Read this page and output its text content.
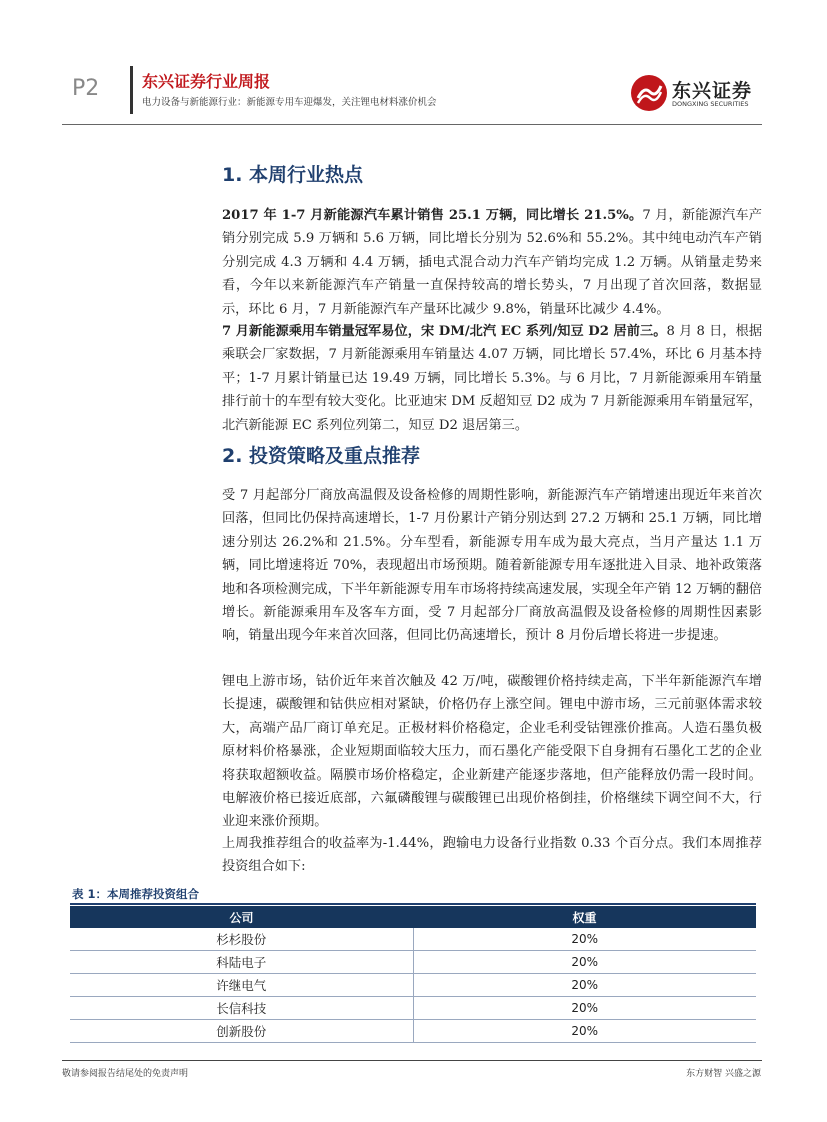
P2	东兴证券行业周报
电力设备与新能源行业：新能源专用车迎爆发，关注锂电材料涨价机会
东兴证券
DONGXING SECURITIES
1. 本周行业热点

2017 年 1-7 月新能源汽车累计销售 25.1 万辆，同比增长 21.5%。7 月，新能源汽车产销分别完成 5.9 万辆和 5.6 万辆，同比增长分别为 52.6%和 55.2%。其中纯电动汽车产销分别完成 4.3 万辆和 4.4 万辆，插电式混合动力汽车产销均完成 1.2 万辆。从销量走势来看，今年以来新能源汽车产销量一直保持较高的增长势头，7 月出现了首次回落，数据显示，环比 6 月，7 月新能源汽车产量环比减少 9.8%，销量环比减少 4.4%。

7 月新能源乘用车销量冠军易位，宋 DM/北汽 EC 系列/知豆 D2 居前三。8 月 8 日，根据乘联会厂家数据，7 月新能源乘用车销量达 4.07 万辆，同比增长 57.4%，环比 6 月基本持平；1-7 月累计销量已达 19.49 万辆，同比增长 5.3%。与 6 月比，7 月新能源乘用车销量排行前十的车型有较大变化。比亚迪宋 DM 反超知豆 D2 成为 7 月新能源乘用车销量冠军，北汽新能源 EC 系列位列第二，知豆 D2 退居第三。

2. 投资策略及重点推荐

受 7 月起部分厂商放高温假及设备检修的周期性影响，新能源汽车产销增速出现近年来首次回落，但同比仍保持高速增长，1-7 月份累计产销分别达到 27.2 万辆和 25.1 万辆，同比增速分别达 26.2%和 21.5%。分车型看，新能源专用车成为最大亮点，当月产量达 1.1 万辆，同比增速将近 70%，表现超出市场预期。随着新能源专用车逐批进入目录、地补政策落地和各项检测完成，下半年新能源专用车市场将持续高速发展，实现全年产销 12 万辆的翻倍增长。新能源乘用车及客车方面，受 7 月起部分厂商放高温假及设备检修的周期性因素影响，销量出现今年来首次回落，但同比仍高速增长，预计 8 月份后增长将进一步提速。

锂电上游市场，钴价近年来首次触及 42 万/吨，碳酸锂价格持续走高，下半年新能源汽车增长提速，碳酸锂和钴供应相对紧缺，价格仍存上涨空间。锂电中游市场，三元前驱体需求较大，高端产品厂商订单充足。正极材料价格稳定，企业毛利受钴锂涨价推高。人造石墨负极原材料价格暴涨，企业短期面临较大压力，而石墨化产能受限下自身拥有石墨化工艺的企业将获取超额收益。隔膜市场价格稳定，企业新建产能逐步落地，但产能释放仍需一段时间。电解液价格已接近底部，六氟磷酸锂与碳酸锂已出现价格倒挂，价格继续下调空间不大，行业迎来涨价预期。

上周我推荐组合的收益率为-1.44%，跑输电力设备行业指数 0.33 个百分点。我们本周推荐投资组合如下:

表 1：本周推荐投资组合
公司	权重
杉杉股份	20%
科陆电子	20%
许继电气	20%
长信科技	20%
创新股份	20%
敬请参阅报告结尾处的免责声明	东方财智 兴盛之源
